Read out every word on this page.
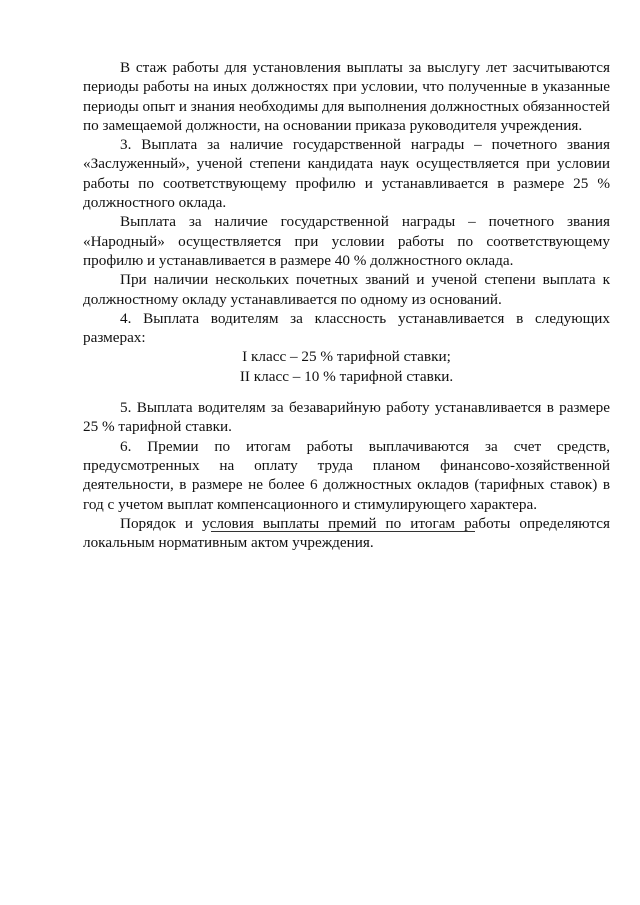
В стаж работы для установления выплаты за выслугу лет засчитываются периоды работы на иных должностях при условии, что полученные в указанные периоды опыт и знания необходимы для выполнения должностных обязанностей по замещаемой должности, на основании приказа руководителя учреждения.

3. Выплата за наличие государственной награды – почетного звания «Заслуженный», ученой степени кандидата наук осуществляется при условии работы по соответствующему профилю и устанавливается в размере 25 % должностного оклада.

Выплата за наличие государственной награды – почетного звания «Народный» осуществляется при условии работы по соответствующему профилю и устанавливается в размере 40 % должностного оклада.

При наличии нескольких почетных званий и ученой степени выплата к должностному окладу устанавливается по одному из оснований.

4. Выплата водителям за классность устанавливается в следующих размерах:

I класс – 25 % тарифной ставки;

II класс – 10 % тарифной ставки.

5. Выплата водителям за безаварийную работу устанавливается в размере 25 % тарифной ставки.

6. Премии по итогам работы выплачиваются за счет средств, предусмотренных на оплату труда планом финансово-хозяйственной деятельности, в размере не более 6 должностных окладов (тарифных ставок) в год с учетом выплат компенсационного и стимулирующего характера.

Порядок и условия выплаты премий по итогам работы определяются локальным нормативным актом учреждения.
